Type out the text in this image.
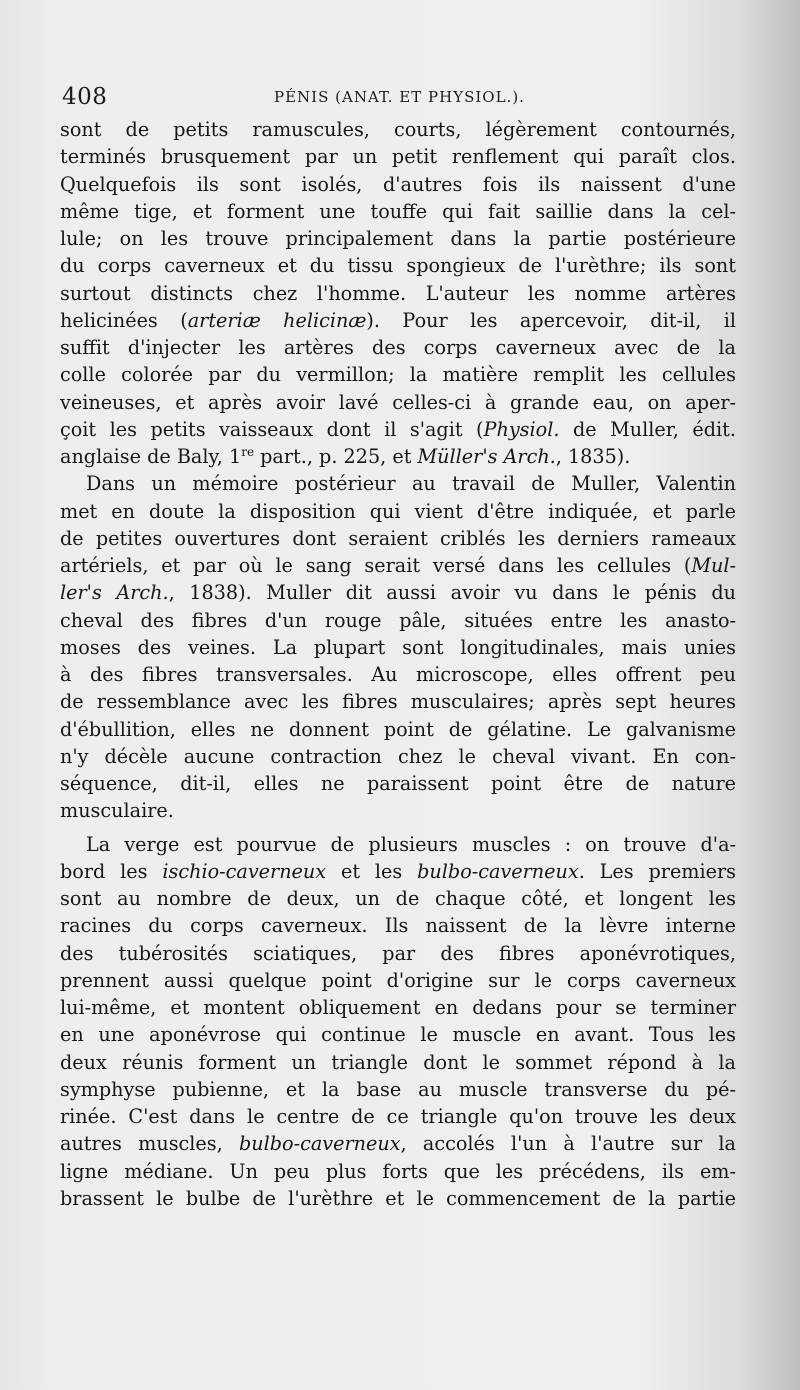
408	PÉNIS (ANAT. ET PHYSIOL.).
sont de petits ramuscules, courts, légèrement contournés,
terminés brusquement par un petit renflement qui paraît clos.
Quelquefois ils sont isolés, d'autres fois ils naissent d'une
même tige, et forment une touffe qui fait saillie dans la cel-
lule; on les trouve principalement dans la partie postérieure
du corps caverneux et du tissu spongieux de l'urèthre; ils sont
surtout distincts chez l'homme. L'auteur les nomme artères
helicinées (arteriæ helicinæ). Pour les apercevoir, dit-il, il
suffit d'injecter les artères des corps caverneux avec de la
colle colorée par du vermillon; la matière remplit les cellules
veineuses, et après avoir lavé celles-ci à grande eau, on aper-
çoit les petits vaisseaux dont il s'agit (Physiol. de Muller, édit.
anglaise de Baly, 1re part., p. 225, et Müller's Arch., 1835).
Dans un mémoire postérieur au travail de Muller, Valentin
met en doute la disposition qui vient d'être indiquée, et parle
de petites ouvertures dont seraient criblés les derniers rameaux
artériels, et par où le sang serait versé dans les cellules (Mul-
ler's Arch., 1838). Muller dit aussi avoir vu dans le pénis du
cheval des fibres d'un rouge pâle, situées entre les anasto-
moses des veines. La plupart sont longitudinales, mais unies
à des fibres transversales. Au microscope, elles offrent peu
de ressemblance avec les fibres musculaires; après sept heures
d'ébullition, elles ne donnent point de gélatine. Le galvanisme
n'y décèle aucune contraction chez le cheval vivant. En con-
séquence, dit-il, elles ne paraissent point être de nature
musculaire.
La verge est pourvue de plusieurs muscles : on trouve d'a-
bord les ischio-caverneux et les bulbo-caverneux. Les premiers
sont au nombre de deux, un de chaque côté, et longent les
racines du corps caverneux. Ils naissent de la lèvre interne
des tubérosités sciatiques, par des fibres aponévrotiques,
prennent aussi quelque point d'origine sur le corps caverneux
lui-même, et montent obliquement en dedans pour se terminer
en une aponévrose qui continue le muscle en avant. Tous les
deux réunis forment un triangle dont le sommet répond à la
symphyse pubienne, et la base au muscle transverse du pé-
rinée. C'est dans le centre de ce triangle qu'on trouve les deux
autres muscles, bulbo-caverneux, accolés l'un à l'autre sur la
ligne médiane. Un peu plus forts que les précédens, ils em-
brassent le bulbe de l'urèthre et le commencement de la partie
